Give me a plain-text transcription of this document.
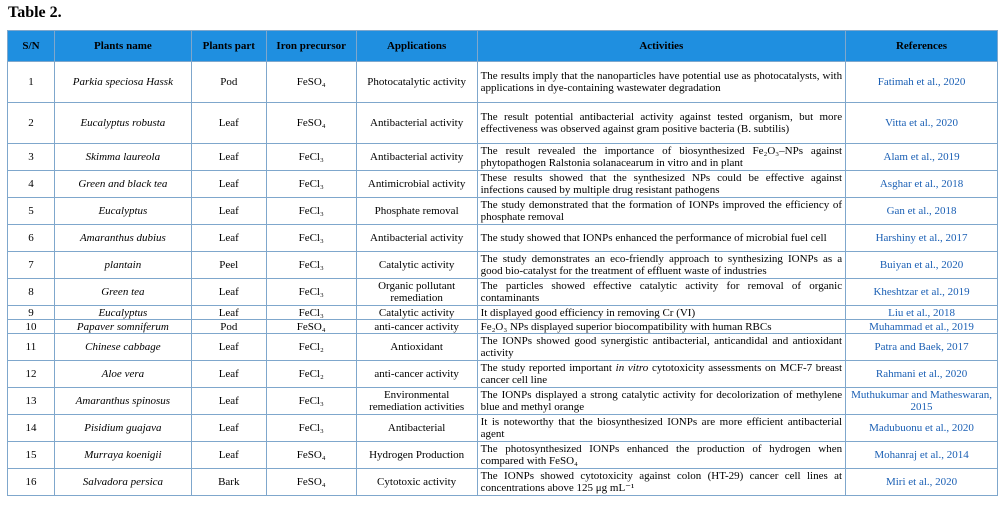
Table 2.
S/N	Plants name	Plants part	Iron precursor	Applications	Activities	References
1	Parkia speciosa Hassk	Pod	FeSO₄	Photocatalytic activity	The results imply that the nanoparticles have potential use as photocatalysts, with applications in dye-containing wastewater degradation	Fatimah et al., 2020
2	Eucalyptus robusta	Leaf	FeSO₄	Antibacterial activity	The result potential antibacterial activity against tested organism, but more effectiveness was observed against gram positive bacteria (B. subtilis)	Vitta et al., 2020
3	Skimma laureola	Leaf	FeCl₃	Antibacterial activity	The result revealed the importance of biosynthesized Fe₂O₃–NPs against phytopathogen Ralstonia solanacearum in vitro and in plant	Alam et al., 2019
4	Green and black tea	Leaf	FeCl₃	Antimicrobial activity	These results showed that the synthesized NPs could be effective against infections caused by multiple drug resistant pathogens	Asghar et al., 2018
5	Eucalyptus	Leaf	FeCl₃	Phosphate removal	The study demonstrated that the formation of IONPs improved the efficiency of phosphate removal	Gan et al., 2018
6	Amaranthus dubius	Leaf	FeCl₃	Antibacterial activity	The study showed that IONPs enhanced the performance of microbial fuel cell	Harshiny et al., 2017
7	plantain	Peel	FeCl₃	Catalytic activity	The study demonstrates an eco-friendly approach to synthesizing IONPs as a good bio-catalyst for the treatment of effluent waste of industries	Buiyan et al., 2020
8	Green tea	Leaf	FeCl₃	Organic pollutant remediation	The particles showed effective catalytic activity for removal of organic contaminants	Kheshtzar et al., 2019
9	Eucalyptus	Leaf	FeCl₃	Catalytic activity	It displayed good efficiency in removing Cr (VI)	Liu et al., 2018
10	Papaver somniferum	Pod	FeSO₄	anti-cancer activity	Fe₂O₃ NPs displayed superior biocompatibility with human RBCs	Muhammad et al., 2019
11	Chinese cabbage	Leaf	FeCl₂	Antioxidant	The IONPs showed good synergistic antibacterial, anticandidal and antioxidant activity	Patra and Baek, 2017
12	Aloe vera	Leaf	FeCl₂	anti-cancer activity	The study reported important in vitro cytotoxicity assessments on MCF-7 breast cancer cell line	Rahmani et al., 2020
13	Amaranthus spinosus	Leaf	FeCl₃	Environmental remediation activities	The IONPs displayed a strong catalytic activity for decolorization of methylene blue and methyl orange	Muthukumar and Matheswaran, 2015
14	Pisidium guajava	Leaf	FeCl₃	Antibacterial	It is noteworthy that the biosynthesized IONPs are more efficient antibacterial agent	Madubuonu et al., 2020
15	Murraya koenigii	Leaf	FeSO₄	Hydrogen Production	The photosynthesized IONPs enhanced the production of hydrogen when compared with FeSO₄	Mohanraj et al., 2014
16	Salvadora persica	Bark	FeSO₄	Cytotoxic activity	The IONPs showed cytotoxicity against colon (HT-29) cancer cell lines at concentrations above 125 μg mL⁻¹	Miri et al., 2020
